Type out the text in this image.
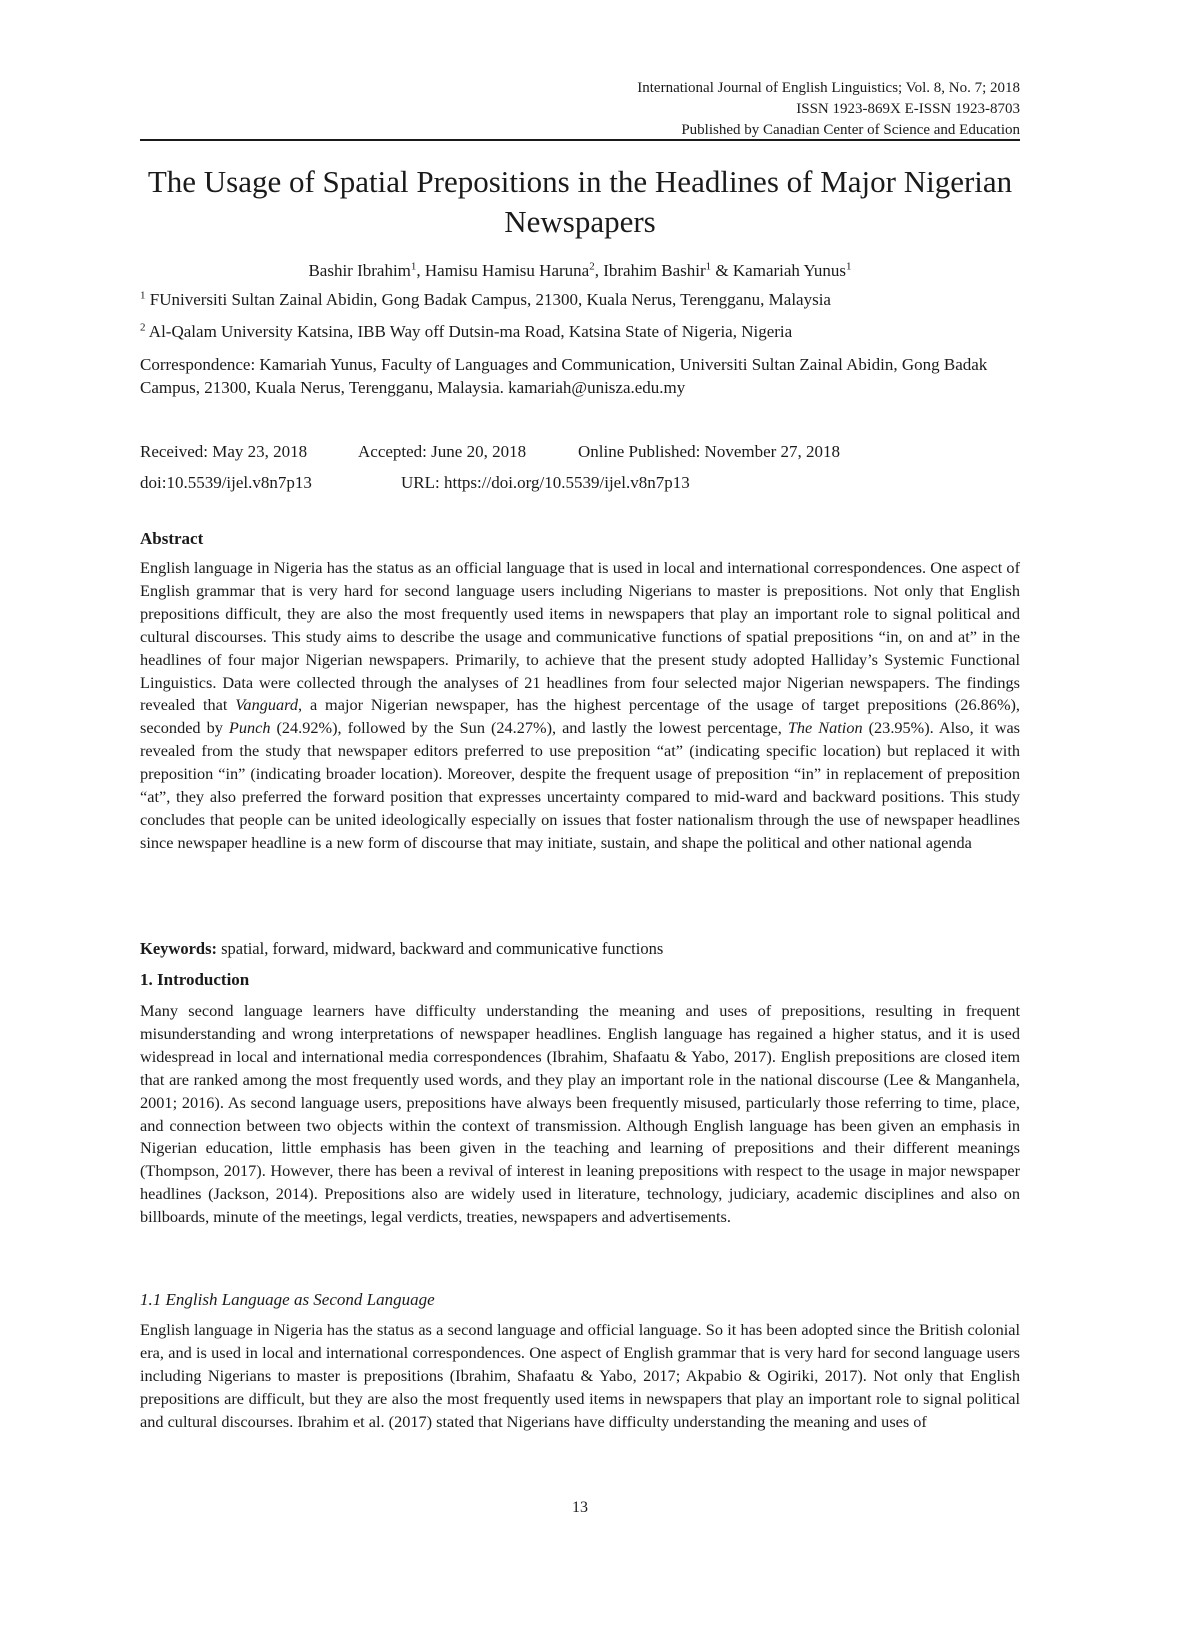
International Journal of English Linguistics; Vol. 8, No. 7; 2018
ISSN 1923-869X E-ISSN 1923-8703
Published by Canadian Center of Science and Education
The Usage of Spatial Prepositions in the Headlines of Major Nigerian Newspapers
Bashir Ibrahim$^1$, Hamisu Hamisu Haruna$^2$, Ibrahim Bashir$^1$ & Kamariah Yunus$^1$
$^1$ FUniversiti Sultan Zainal Abidin, Gong Badak Campus, 21300, Kuala Nerus, Terengganu, Malaysia
$^2$ Al-Qalam University Katsina, IBB Way off Dutsin-ma Road, Katsina State of Nigeria, Nigeria
Correspondence: Kamariah Yunus, Faculty of Languages and Communication, Universiti Sultan Zainal Abidin, Gong Badak Campus, 21300, Kuala Nerus, Terengganu, Malaysia. kamariah@unisza.edu.my
Received: May 23, 2018	Accepted: June 20, 2018	Online Published: November 27, 2018
doi:10.5539/ijel.v8n7p13	URL: https://doi.org/10.5539/ijel.v8n7p13
Abstract

English language in Nigeria has the status as an official language that is used in local and international correspondences. One aspect of English grammar that is very hard for second language users including Nigerians to master is prepositions. Not only that English prepositions difficult, they are also the most frequently used items in newspapers that play an important role to signal political and cultural discourses. This study aims to describe the usage and communicative functions of spatial prepositions “in, on and at” in the headlines of four major Nigerian newspapers. Primarily, to achieve that the present study adopted Halliday’s Systemic Functional Linguistics. Data were collected through the analyses of 21 headlines from four selected major Nigerian newspapers. The findings revealed that Vanguard, a major Nigerian newspaper, has the highest percentage of the usage of target prepositions (26.86%), seconded by Punch (24.92%), followed by the Sun (24.27%), and lastly the lowest percentage, The Nation (23.95%). Also, it was revealed from the study that newspaper editors preferred to use preposition “at” (indicating specific location) but replaced it with preposition “in” (indicating broader location). Moreover, despite the frequent usage of preposition “in” in replacement of preposition “at”, they also preferred the forward position that expresses uncertainty compared to mid-ward and backward positions. This study concludes that people can be united ideologically especially on issues that foster nationalism through the use of newspaper headlines since newspaper headline is a new form of discourse that may initiate, sustain, and shape the political and other national agenda

Keywords: spatial, forward, midward, backward and communicative functions
1. Introduction

Many second language learners have difficulty understanding the meaning and uses of prepositions, resulting in frequent misunderstanding and wrong interpretations of newspaper headlines. English language has regained a higher status, and it is used widespread in local and international media correspondences (Ibrahim, Shafaatu & Yabo, 2017). English prepositions are closed item that are ranked among the most frequently used words, and they play an important role in the national discourse (Lee & Manganhela, 2001; 2016). As second language users, prepositions have always been frequently misused, particularly those referring to time, place, and connection between two objects within the context of transmission. Although English language has been given an emphasis in Nigerian education, little emphasis has been given in the teaching and learning of prepositions and their different meanings (Thompson, 2017). However, there has been a revival of interest in leaning prepositions with respect to the usage in major newspaper headlines (Jackson, 2014). Prepositions also are widely used in literature, technology, judiciary, academic disciplines and also on billboards, minute of the meetings, legal verdicts, treaties, newspapers and advertisements.

1.1 English Language as Second Language

English language in Nigeria has the status as a second language and official language. So it has been adopted since the British colonial era, and is used in local and international correspondences. One aspect of English grammar that is very hard for second language users including Nigerians to master is prepositions (Ibrahim, Shafaatu & Yabo, 2017; Akpabio & Ogiriki, 2017). Not only that English prepositions are difficult, but they are also the most frequently used items in newspapers that play an important role to signal political and cultural discourses. Ibrahim et al. (2017) stated that Nigerians have difficulty understanding the meaning and uses of

13
